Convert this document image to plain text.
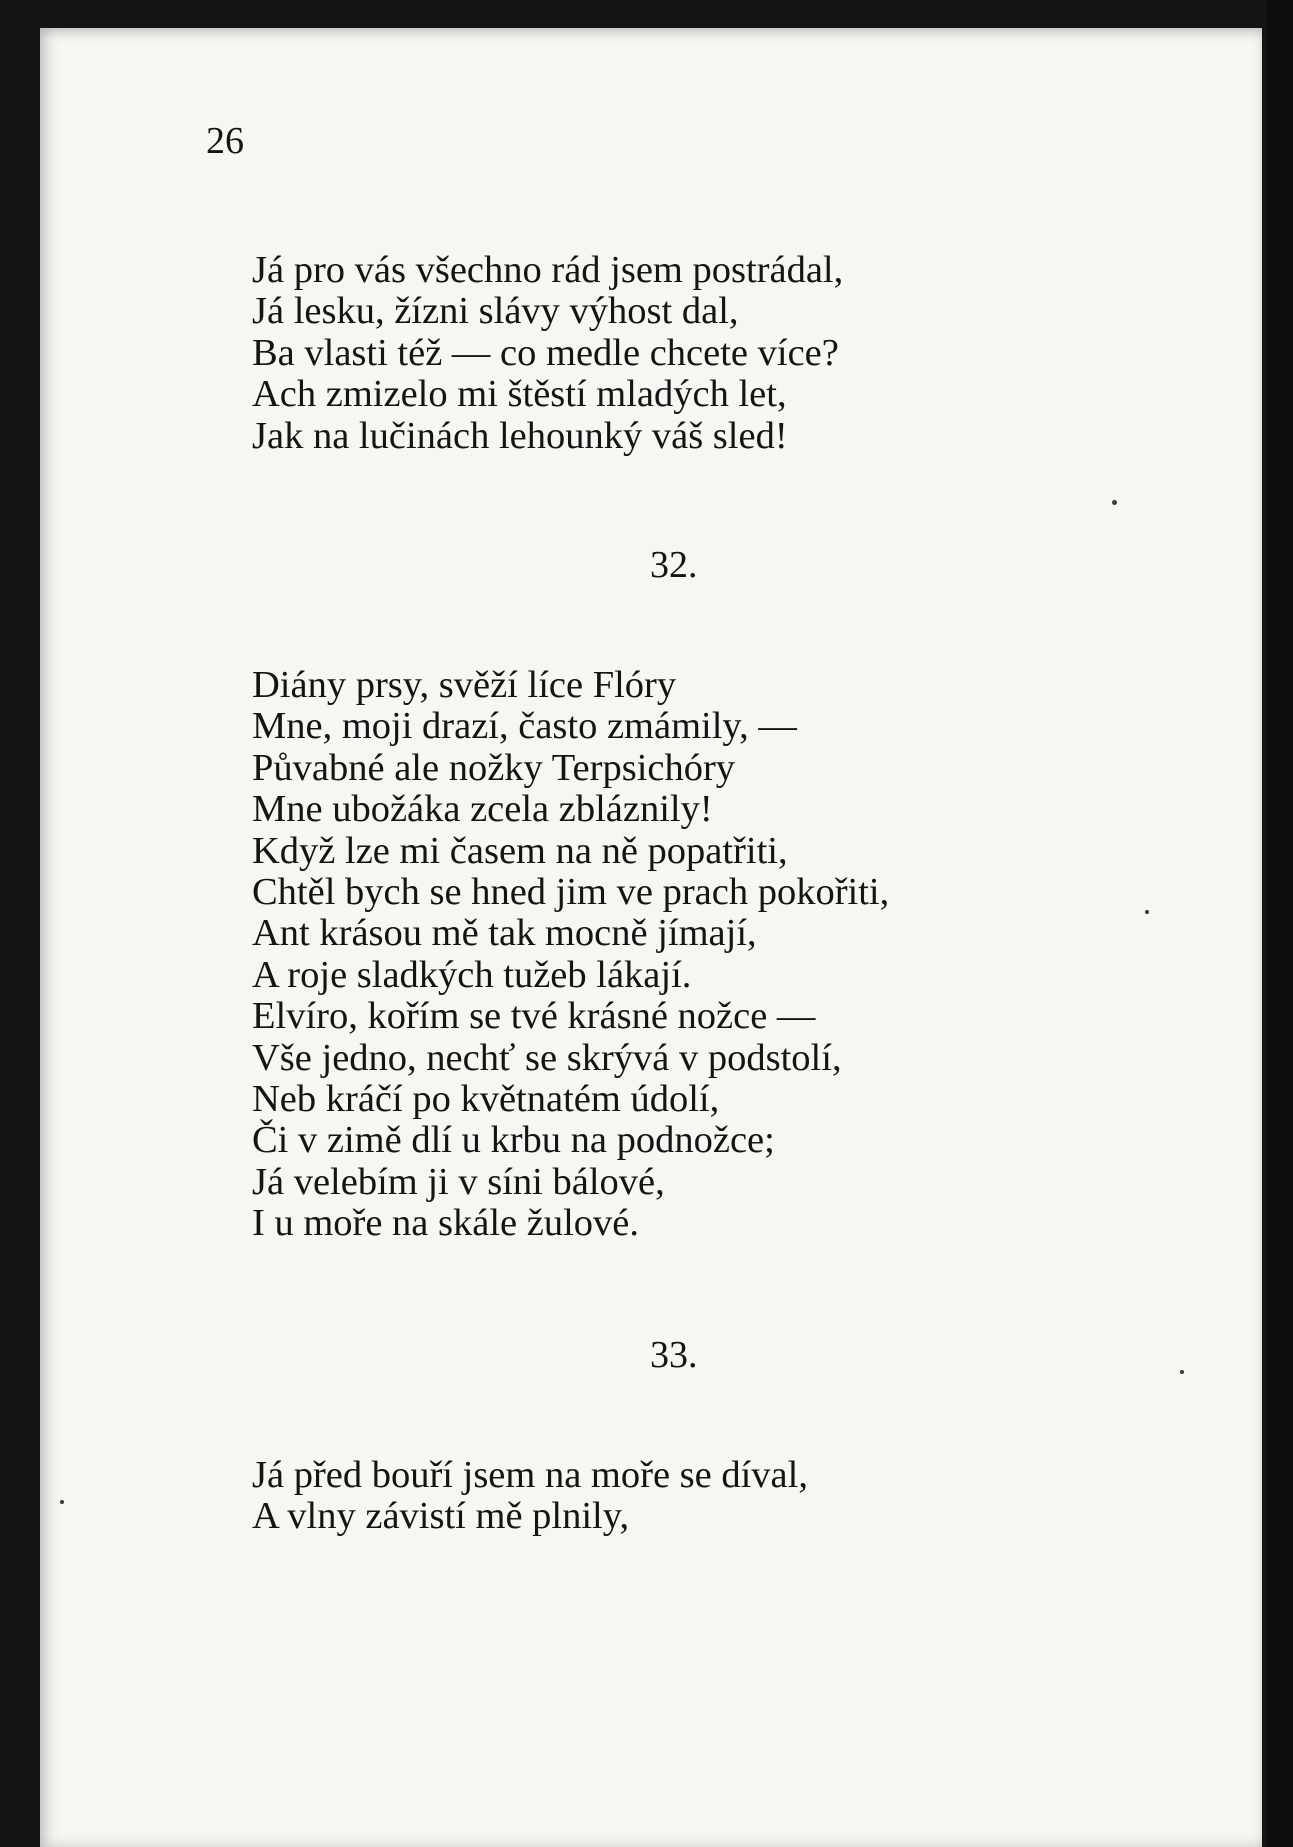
26
Já pro vás všechno rád jsem postrádal,
Já lesku, žízni slávy výhost dal,
Ba vlasti též — co medle chcete více?
Ach zmizelo mi štěstí mladých let,
Jak na lučinách lehounký váš sled!
32.
Diány prsy, svěží líce Flóry
Mne, moji drazí, často zmámily, —
Půvabné ale nožky Terpsichóry
Mne ubožáka zcela zbláznily!
Když lze mi časem na ně popatřiti,
Chtěl bych se hned jim ve prach pokořiti,
Ant krásou mě tak mocně jímají,
A roje sladkých tužeb lákají.
Elvíro, kořím se tvé krásné nožce —
Vše jedno, nechť se skrývá v podstolí,
Neb kráčí po květnatém údolí,
Či v zimě dlí u krbu na podnožce;
Já velebím ji v síni bálové,
I u moře na skále žulové.
33.
Já před bouří jsem na moře se díval,
A vlny závistí mě plnily,
